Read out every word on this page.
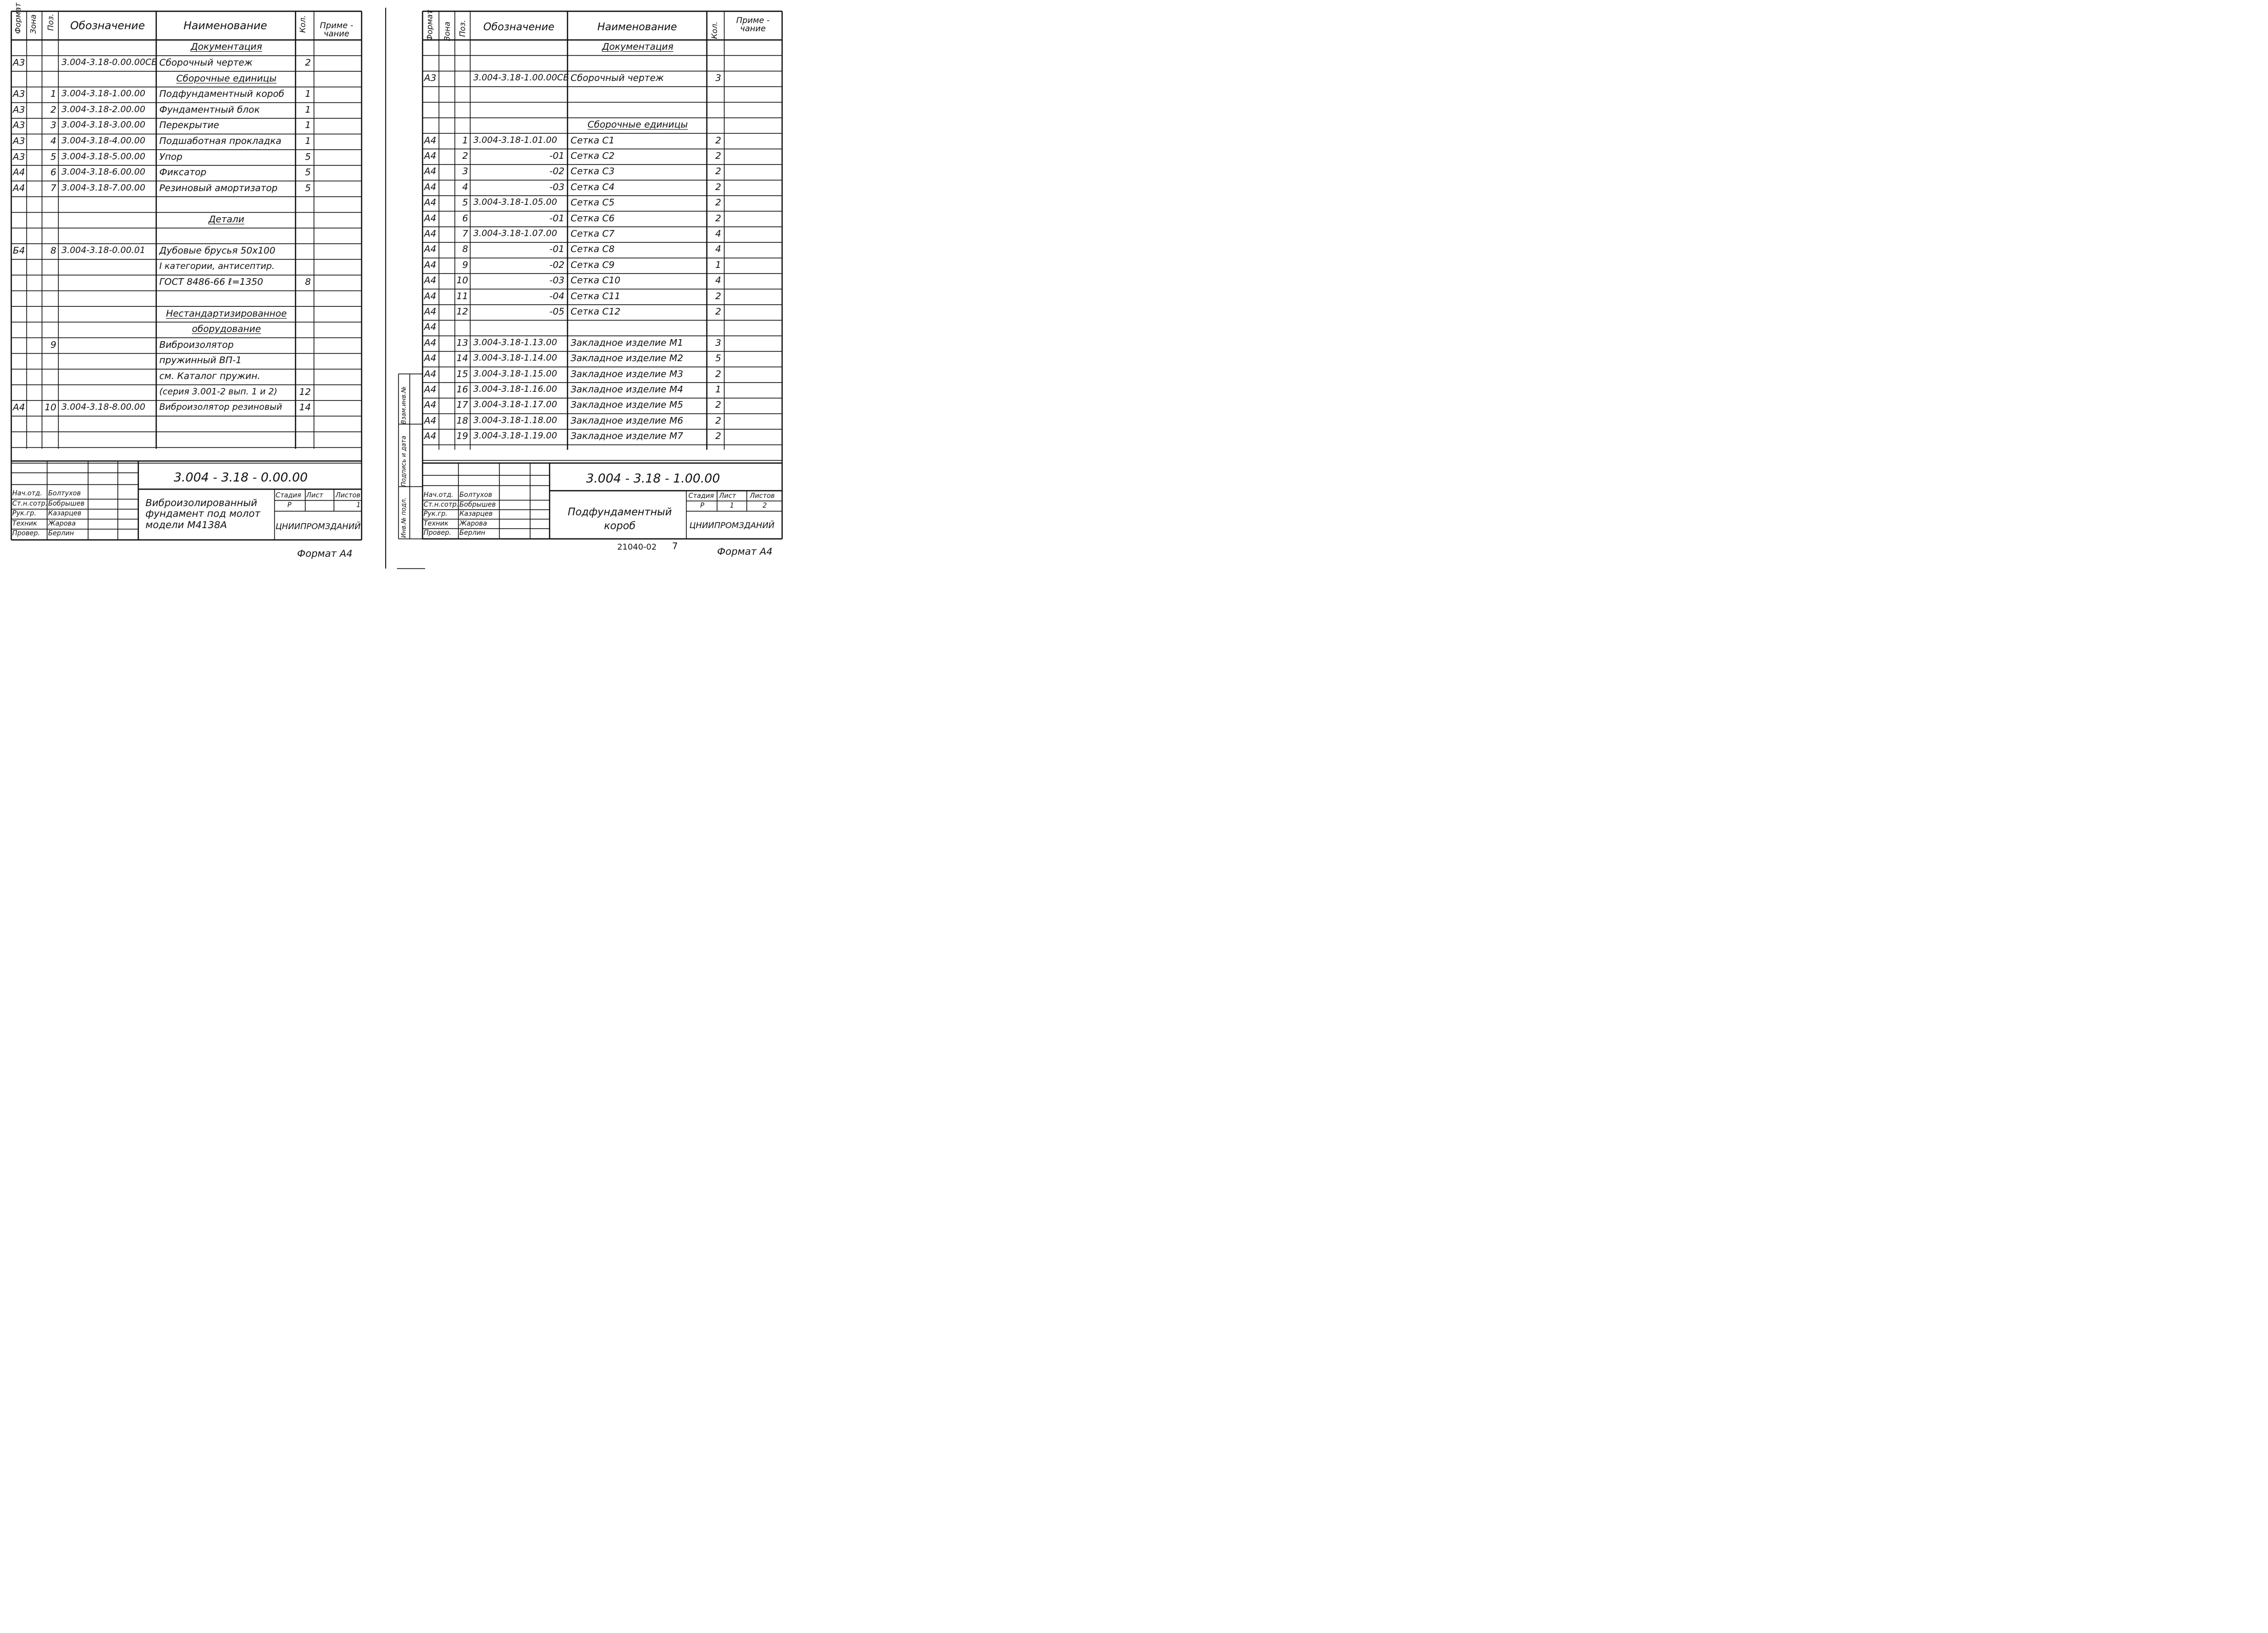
Документация
А3	3.004-3.18-0.00.00СБ Сборочный чертеж	2
Сборочные единицы
А3	1 3.004-3.18-1.00.00	Подфундаментный короб	1
А3	2 3.004-3.18-2.00.00	Фундаментный блок	1
А3	3 3.004-3.18-3.00.00	Перекрытие	1
А3	4 3.004-3.18-4.00.00	Подшаботная прокладка	1
А3	5 3.004-3.18-5.00.00	Упор	5
А4	6 3.004-3.18-6.00.00	Фиксатор	5
А4	7 3.004-3.18-7.00.00	Резиновый амортизатор	5
Детали
Б4	8 3.004-3.18-0.00.01	Дубовые брусья 50х100
I категории, антисептир.
ГОСТ 8486-66 ℓ=1350	8
Нестандартизированное
оборудование
9	Виброизолятор
пружинный ВП-1
см. Каталог пружин.
(серия 3.001-2 вып. 1 и 2)	12
А4 10 3.004-3.18-8.00.00	Виброизолятор резиновый	14
Формат Зона Поз.	Обозначение	Наименование	Кол.	Приме - чание
3.004 - 3.18 - 0.00.00
Виброизолированный фундамент под молот модели М4138А
Стадия Лист Листов
Р	1
ЦНИИПРОМЗДАНИЙ
Нач.отд. Болтухов
Ст.н.сотр. Бобрышев
Рук.гр. Казарцев
Техник Жарова
Провер. Берлин
Формат А4
Документация
А3	3.004-3.18-1.00.00СБ Сборочный чертеж	3
Сборочные единицы
А4	1 3.004-3.18-1.01.00	Сетка С1	2
А4	2	-01 Сетка С2	2
А4	3	-02 Сетка С3	2
А4	4	-03 Сетка С4	2
А4	5 3.004-3.18-1.05.00	Сетка С5	2
А4	6	-01 Сетка С6	2
А4	7 3.004-3.18-1.07.00	Сетка С7	4
А4	8	-01 Сетка С8	4
А4	9	-02 Сетка С9	1
А4 10	-03 Сетка С10	4
А4 11	-04 Сетка С11	2
А4 12	-05 Сетка С12	2
А4
А4 13 3.004-3.18-1.13.00	Закладное изделие М1	3
А4 14 3.004-3.18-1.14.00	Закладное изделие М2	5
А4 15 3.004-3.18-1.15.00	Закладное изделие М3	2
А4 16 3.004-3.18-1.16.00	Закладное изделие М4	1
А4 17 3.004-3.18-1.17.00	Закладное изделие М5	2
А4 18 3.004-3.18-1.18.00	Закладное изделие М6	2
А4 19 3.004-3.18-1.19.00	Закладное изделие М7	2
Формат Зона Поз.	Обозначение	Наименование	Кол.
Приме - чание
Взам.инв.№
Подпись и дата
Инв.№ подл.
3.004 - 3.18 - 1.00.00
Подфундаментный короб
Стадия Лист Листов
Р	1	2
ЦНИИПРОМЗДАНИЙ
Нач.отд. Болтухов
Ст.н.сотр. Бобрышев
Рук.гр. Казарцев
Техник Жарова
Провер. Берлин
21040-02 7	Формат А4
